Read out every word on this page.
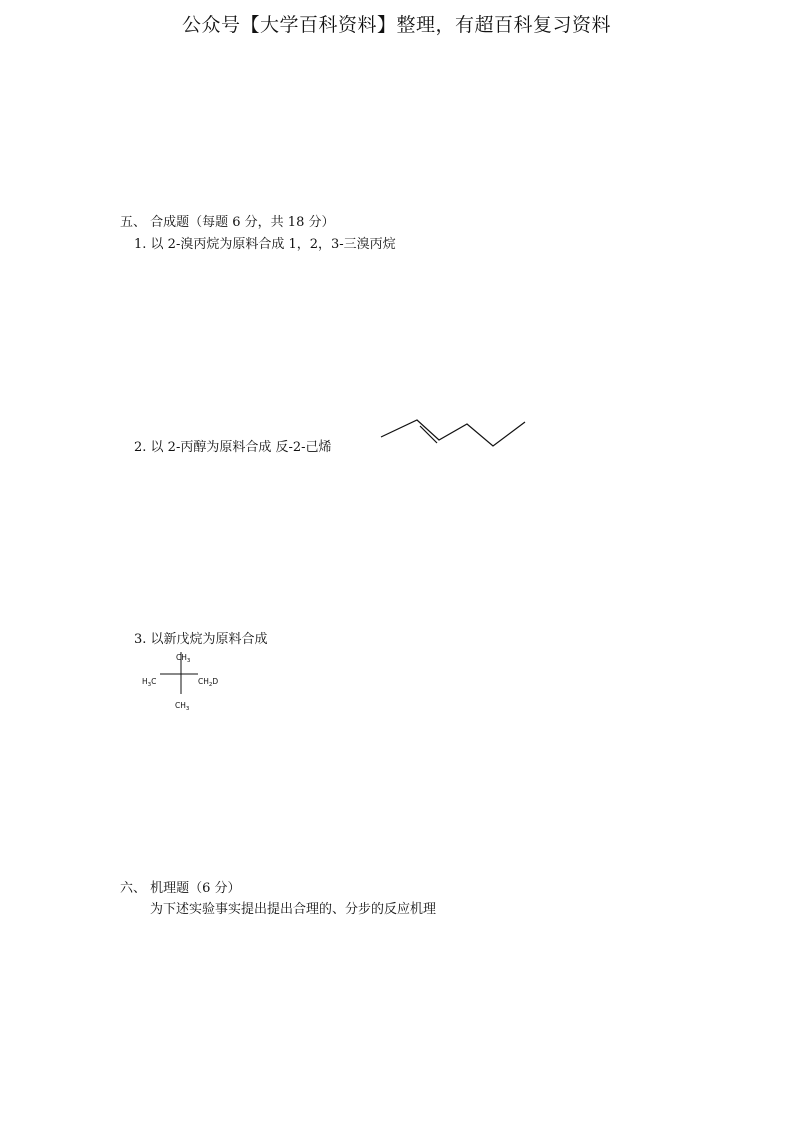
公众号【大学百科资料】整理，有超百科复习资料
五、 合成题（每题 6 分，共 18 分）
1. 以 2-溴丙烷为原料合成 1，2，3-三溴丙烷
2. 以 2-丙醇为原料合成 反-2-己烯
3. 以新戊烷为原料合成
$CH_3$
$H_3C$	$CH_2D$
$CH_3$
六、 机理题（6 分）
为下述实验事实提出提出合理的、分步的反应机理
